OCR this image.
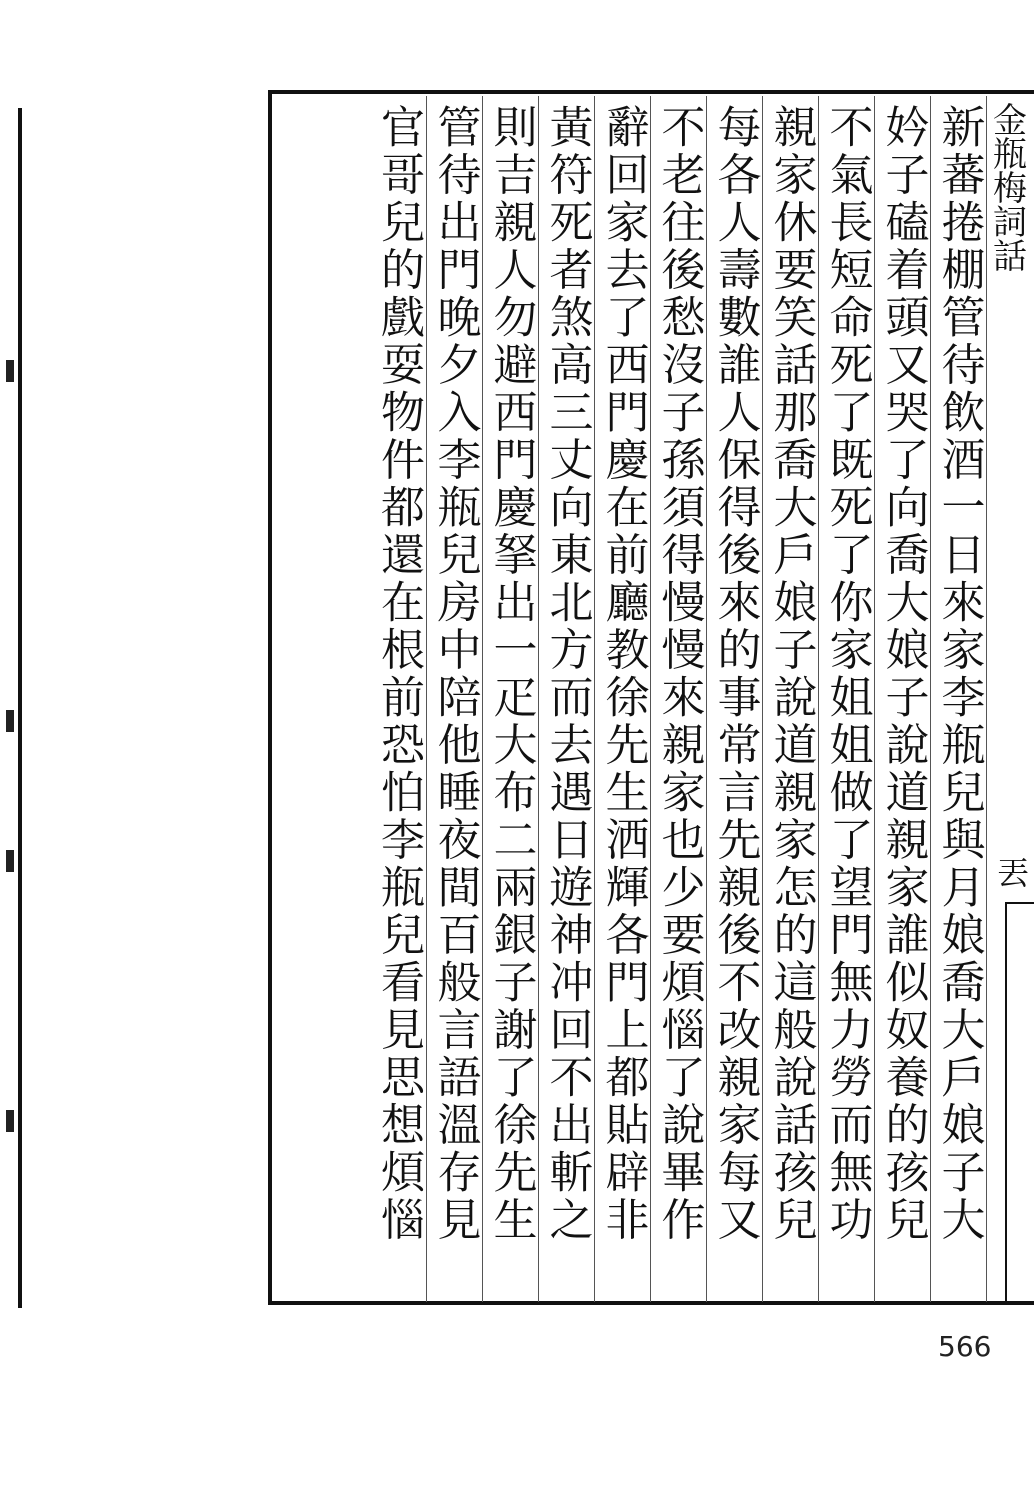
金瓶梅詞話
新蕃捲棚管待飲酒一日來家李瓶兒與月娘喬大戶娘子大
妗子磕着頭又哭了向喬大娘子說道親家誰似奴養的孩兒
不氣長短命死了既死了你家姐姐做了望門無力勞而無功
親家休要笑話那喬大戶娘子說道親家怎的這般說話孩兒
每各人壽數誰人保得後來的事常言先親後不改親家每又
不老往後愁沒子孫須得慢慢來親家也少要煩惱了說畢作
辭回家去了西門慶在前廳教徐先生洒輝各門上都貼辟非
黃符死者煞高三丈向東北方而去遇日遊神冲回不出斬之
則吉親人勿避西門慶拏出一疋大布二兩銀子謝了徐先生
管待出門晚夕入李瓶兒房中陪他睡夜間百般言語溫存見
官哥兒的戲耍物件都還在根前恐怕李瓶兒看見思想煩惱	丟
566
